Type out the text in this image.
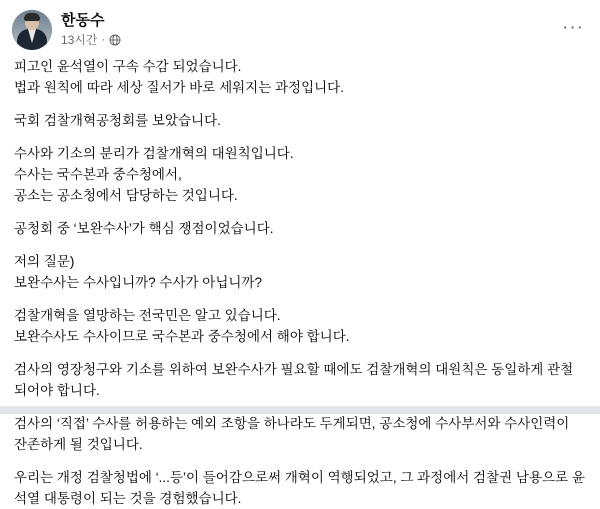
한동수
13시간 ·
···

피고인 윤석열이 구속 수감 되었습니다.

법과 원칙에 따라 세상 질서가 바로 세워지는 과정입니다.

국회 검찰개혁공청회를 보았습니다.

수사와 기소의 분리가 검찰개혁의 대원칙입니다.

수사는 국수본과 중수청에서,

공소는 공소청에서 담당하는 것입니다.

공청회 중 ‘보완수사’가 핵심 쟁점이었습니다.

저의 질문)

보완수사는 수사입니까? 수사가 아닙니까?

검찰개혁을 열망하는 전국민은 알고 있습니다.

보완수사도 수사이므로 국수본과 중수청에서 해야 합니다.

검사의 영장청구와 기소를 위하여 보완수사가 필요할 때에도 검찰개혁의 대원칙은 동일하게 관철되어야 합니다.

검사의 ‘직접’ 수사를 허용하는 예외 조항을 하나라도 두게되면, 공소청에 수사부서와 수사인력이 잔존하게 될 것입니다.

우리는 개정 검찰청법에 ‘...등’이 들어감으로써 개혁이 역행되었고, 그 과정에서 검찰권 남용으로 윤석열 대통령이 되는 것을 경험했습니다.
